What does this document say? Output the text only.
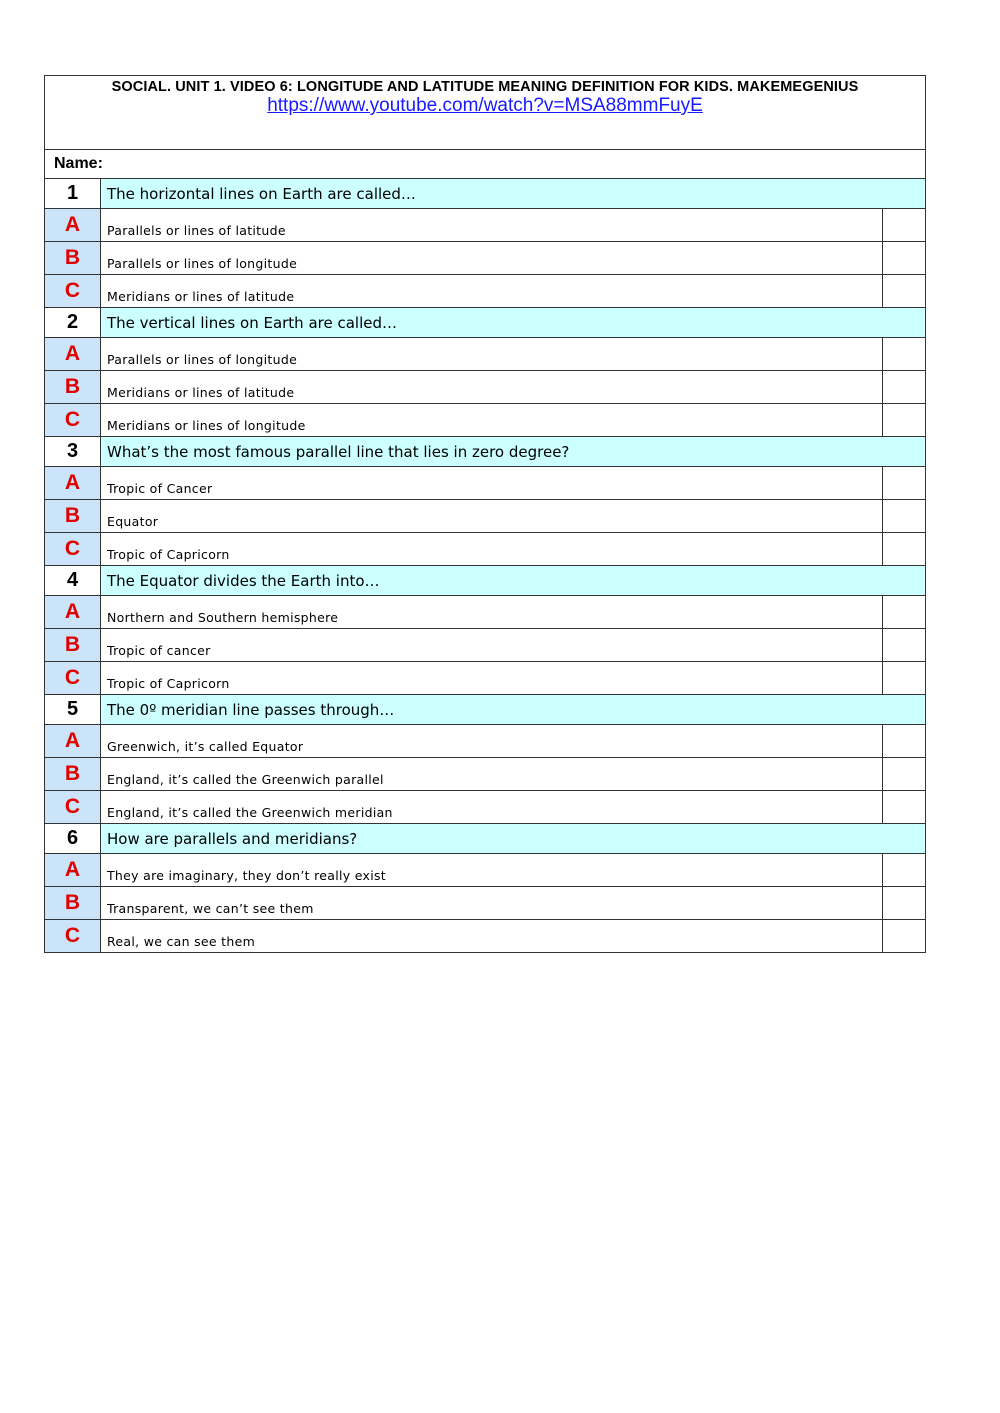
SOCIAL. UNIT 1. VIDEO 6: LONGITUDE AND LATITUDE MEANING DEFINITION FOR KIDS. MAKEMEGENIUS
https://www.youtube.com/watch?v=MSA88mmFuyE		
Name:		
1	The horizontal lines on Earth are called…	
A	Parallels or lines of latitude	
B	Parallels or lines of longitude	
C	Meridians or lines of latitude	
2	The vertical lines on Earth are called…	
A	Parallels or lines of longitude	
B	Meridians or lines of latitude	
C	Meridians or lines of longitude	
3	What’s the most famous parallel line that lies in zero degree?	
A	Tropic of Cancer	
B	Equator	
C	Tropic of Capricorn	
4	The Equator divides the Earth into…	
A	Northern and Southern hemisphere	
B	Tropic of cancer	
C	Tropic of Capricorn	
5	The 0º meridian line passes through…	
A	Greenwich, it’s called Equator	
B	England, it’s called the Greenwich parallel	
C	England, it’s called the Greenwich meridian	
6	How are parallels and meridians?	
A	They are imaginary, they don’t really exist	
B	Transparent, we can’t see them	
C	Real, we can see them	
